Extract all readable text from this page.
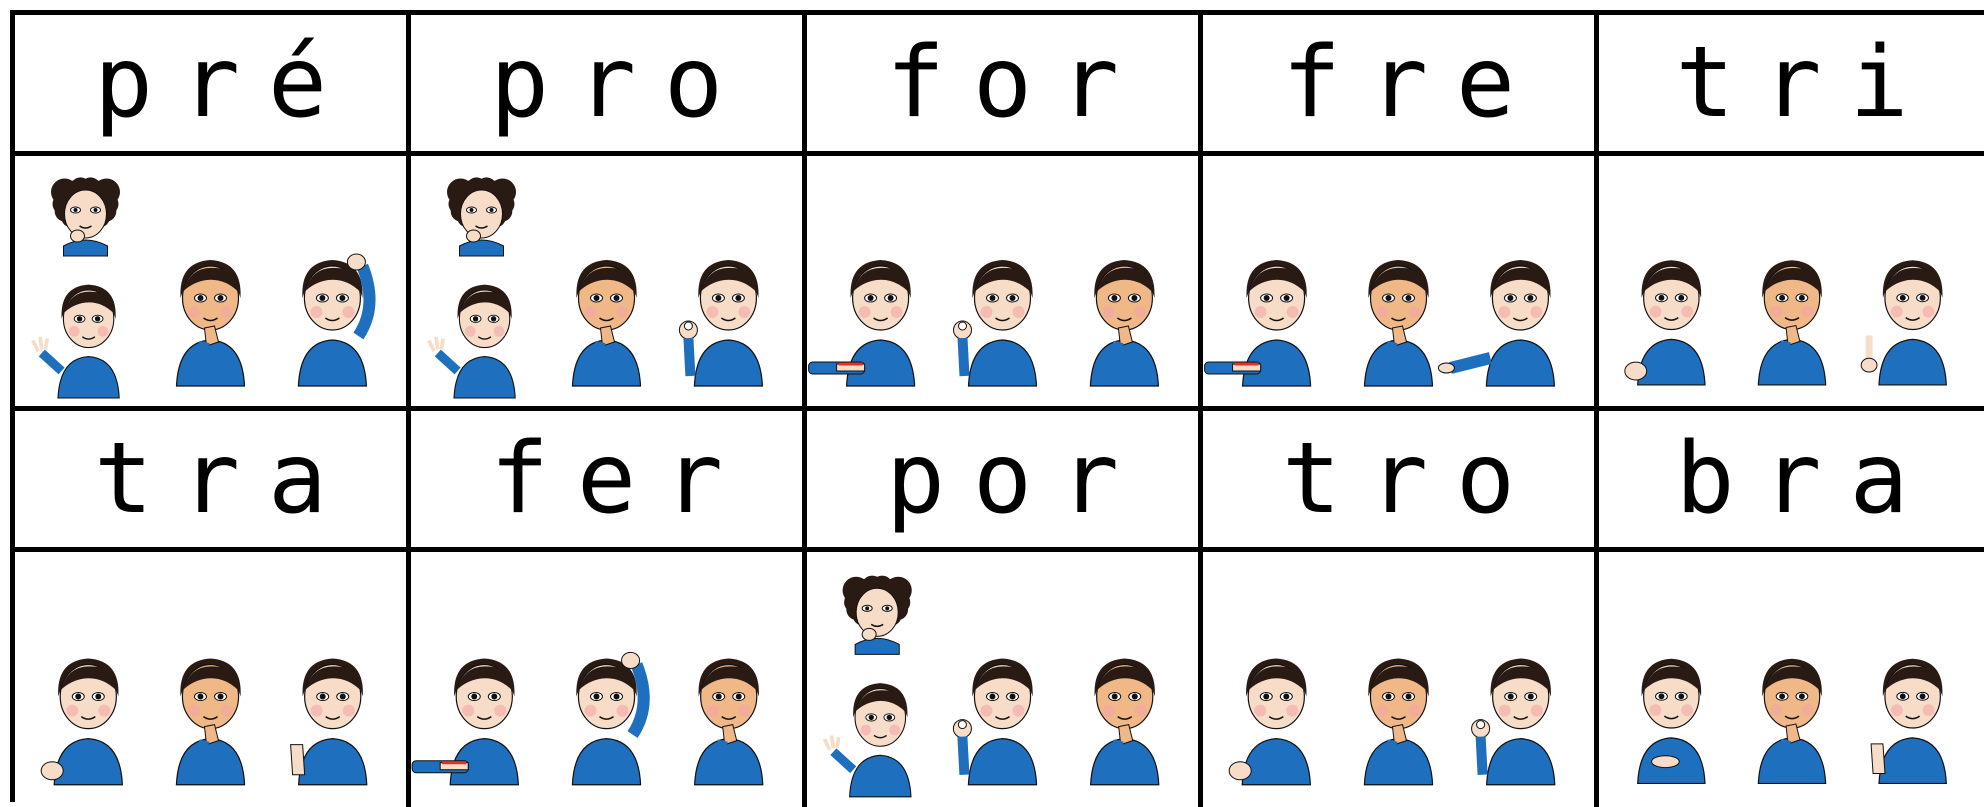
pré	pro	for	fre	tri
tra	fer	por	tro	bra
